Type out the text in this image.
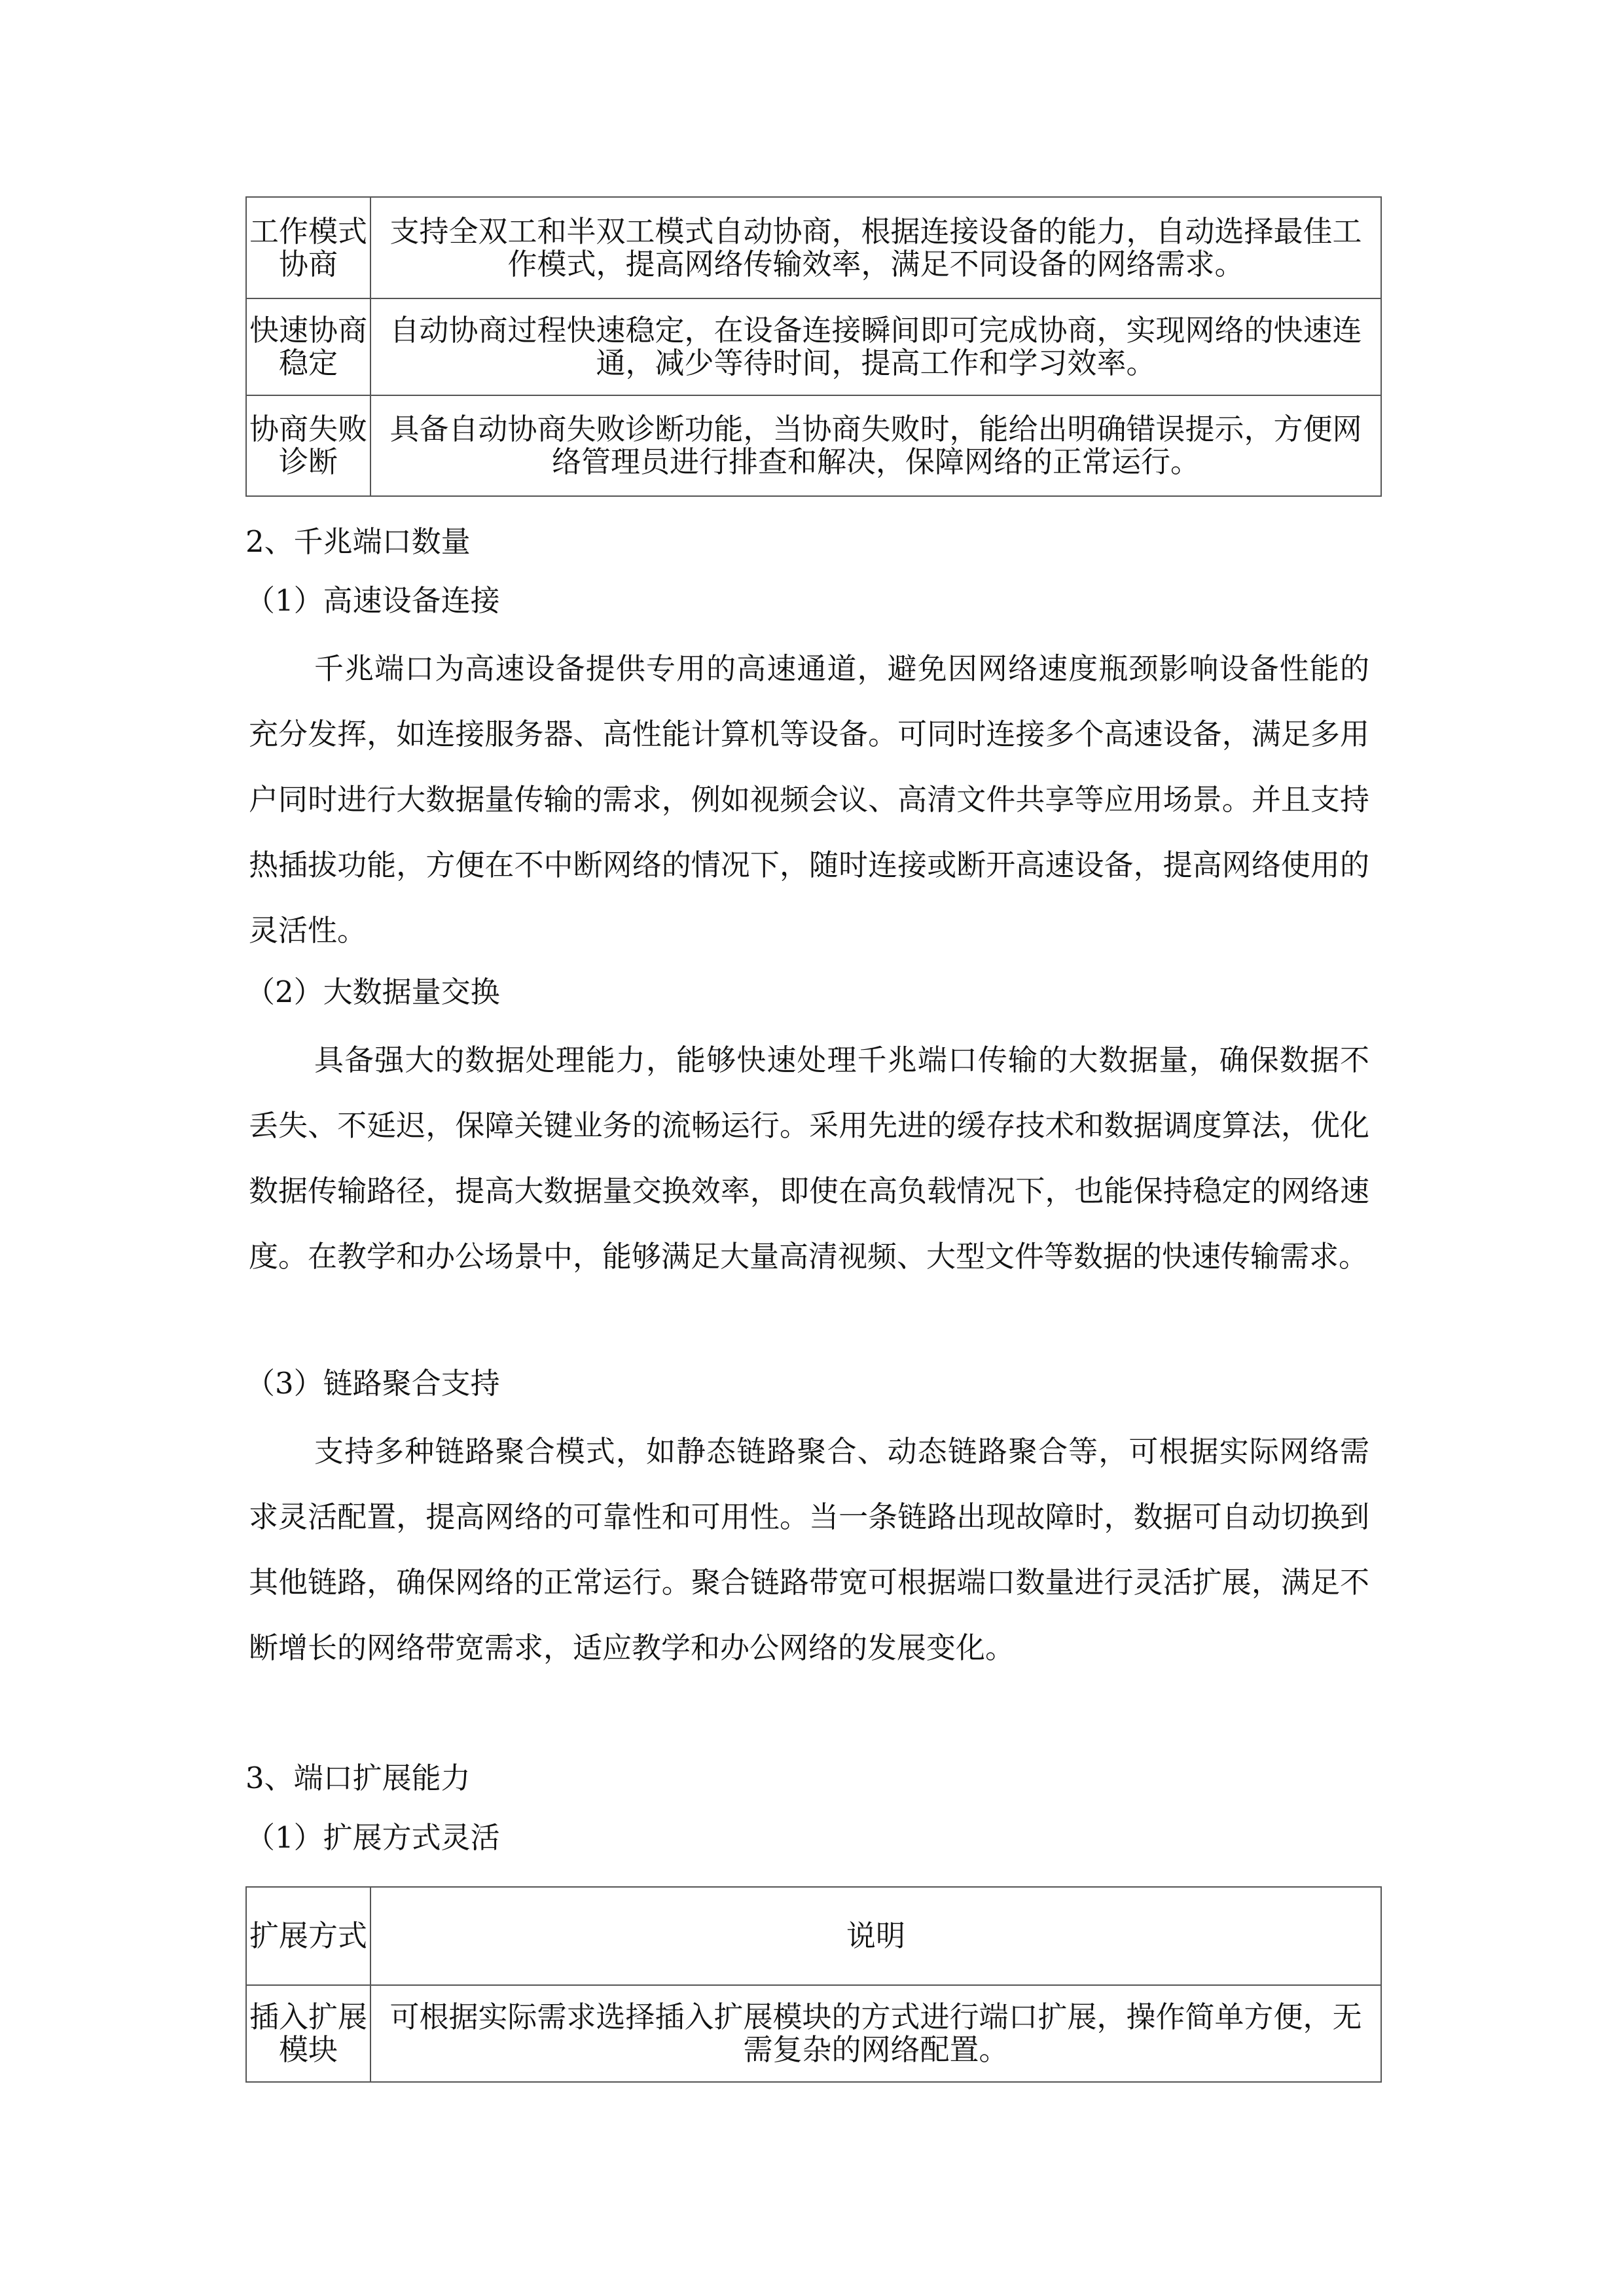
工作模式协商	支持全双工和半双工模式自动协商，根据连接设备的能力，自动选择最佳工作模式，提高网络传输效率，满足不同设备的网络需求。
快速协商稳定	自动协商过程快速稳定，在设备连接瞬间即可完成协商，实现网络的快速连通，减少等待时间，提高工作和学习效率。
协商失败诊断	具备自动协商失败诊断功能，当协商失败时，能给出明确错误提示，方便网络管理员进行排查和解决，保障网络的正常运行。
2、千兆端口数量
（1）高速设备连接
千兆端口为高速设备提供专用的高速通道，避免因网络速度瓶颈影响设备性能的充分发挥，如连接服务器、高性能计算机等设备。可同时连接多个高速设备，满足多用户同时进行大数据量传输的需求，例如视频会议、高清文件共享等应用场景。并且支持热插拔功能，方便在不中断网络的情况下，随时连接或断开高速设备，提高网络使用的灵活性。
（2）大数据量交换
具备强大的数据处理能力，能够快速处理千兆端口传输的大数据量，确保数据不丢失、不延迟，保障关键业务的流畅运行。采用先进的缓存技术和数据调度算法，优化数据传输路径，提高大数据量交换效率，即使在高负载情况下，也能保持稳定的网络速度。在教学和办公场景中，能够满足大量高清视频、大型文件等数据的快速传输需求。
（3）链路聚合支持
支持多种链路聚合模式，如静态链路聚合、动态链路聚合等，可根据实际网络需求灵活配置，提高网络的可靠性和可用性。当一条链路出现故障时，数据可自动切换到其他链路，确保网络的正常运行。聚合链路带宽可根据端口数量进行灵活扩展，满足不断增长的网络带宽需求，适应教学和办公网络的发展变化。
3、端口扩展能力
（1）扩展方式灵活
扩展方式	说明
插入扩展模块	可根据实际需求选择插入扩展模块的方式进行端口扩展，操作简单方便，无需复杂的网络配置。
